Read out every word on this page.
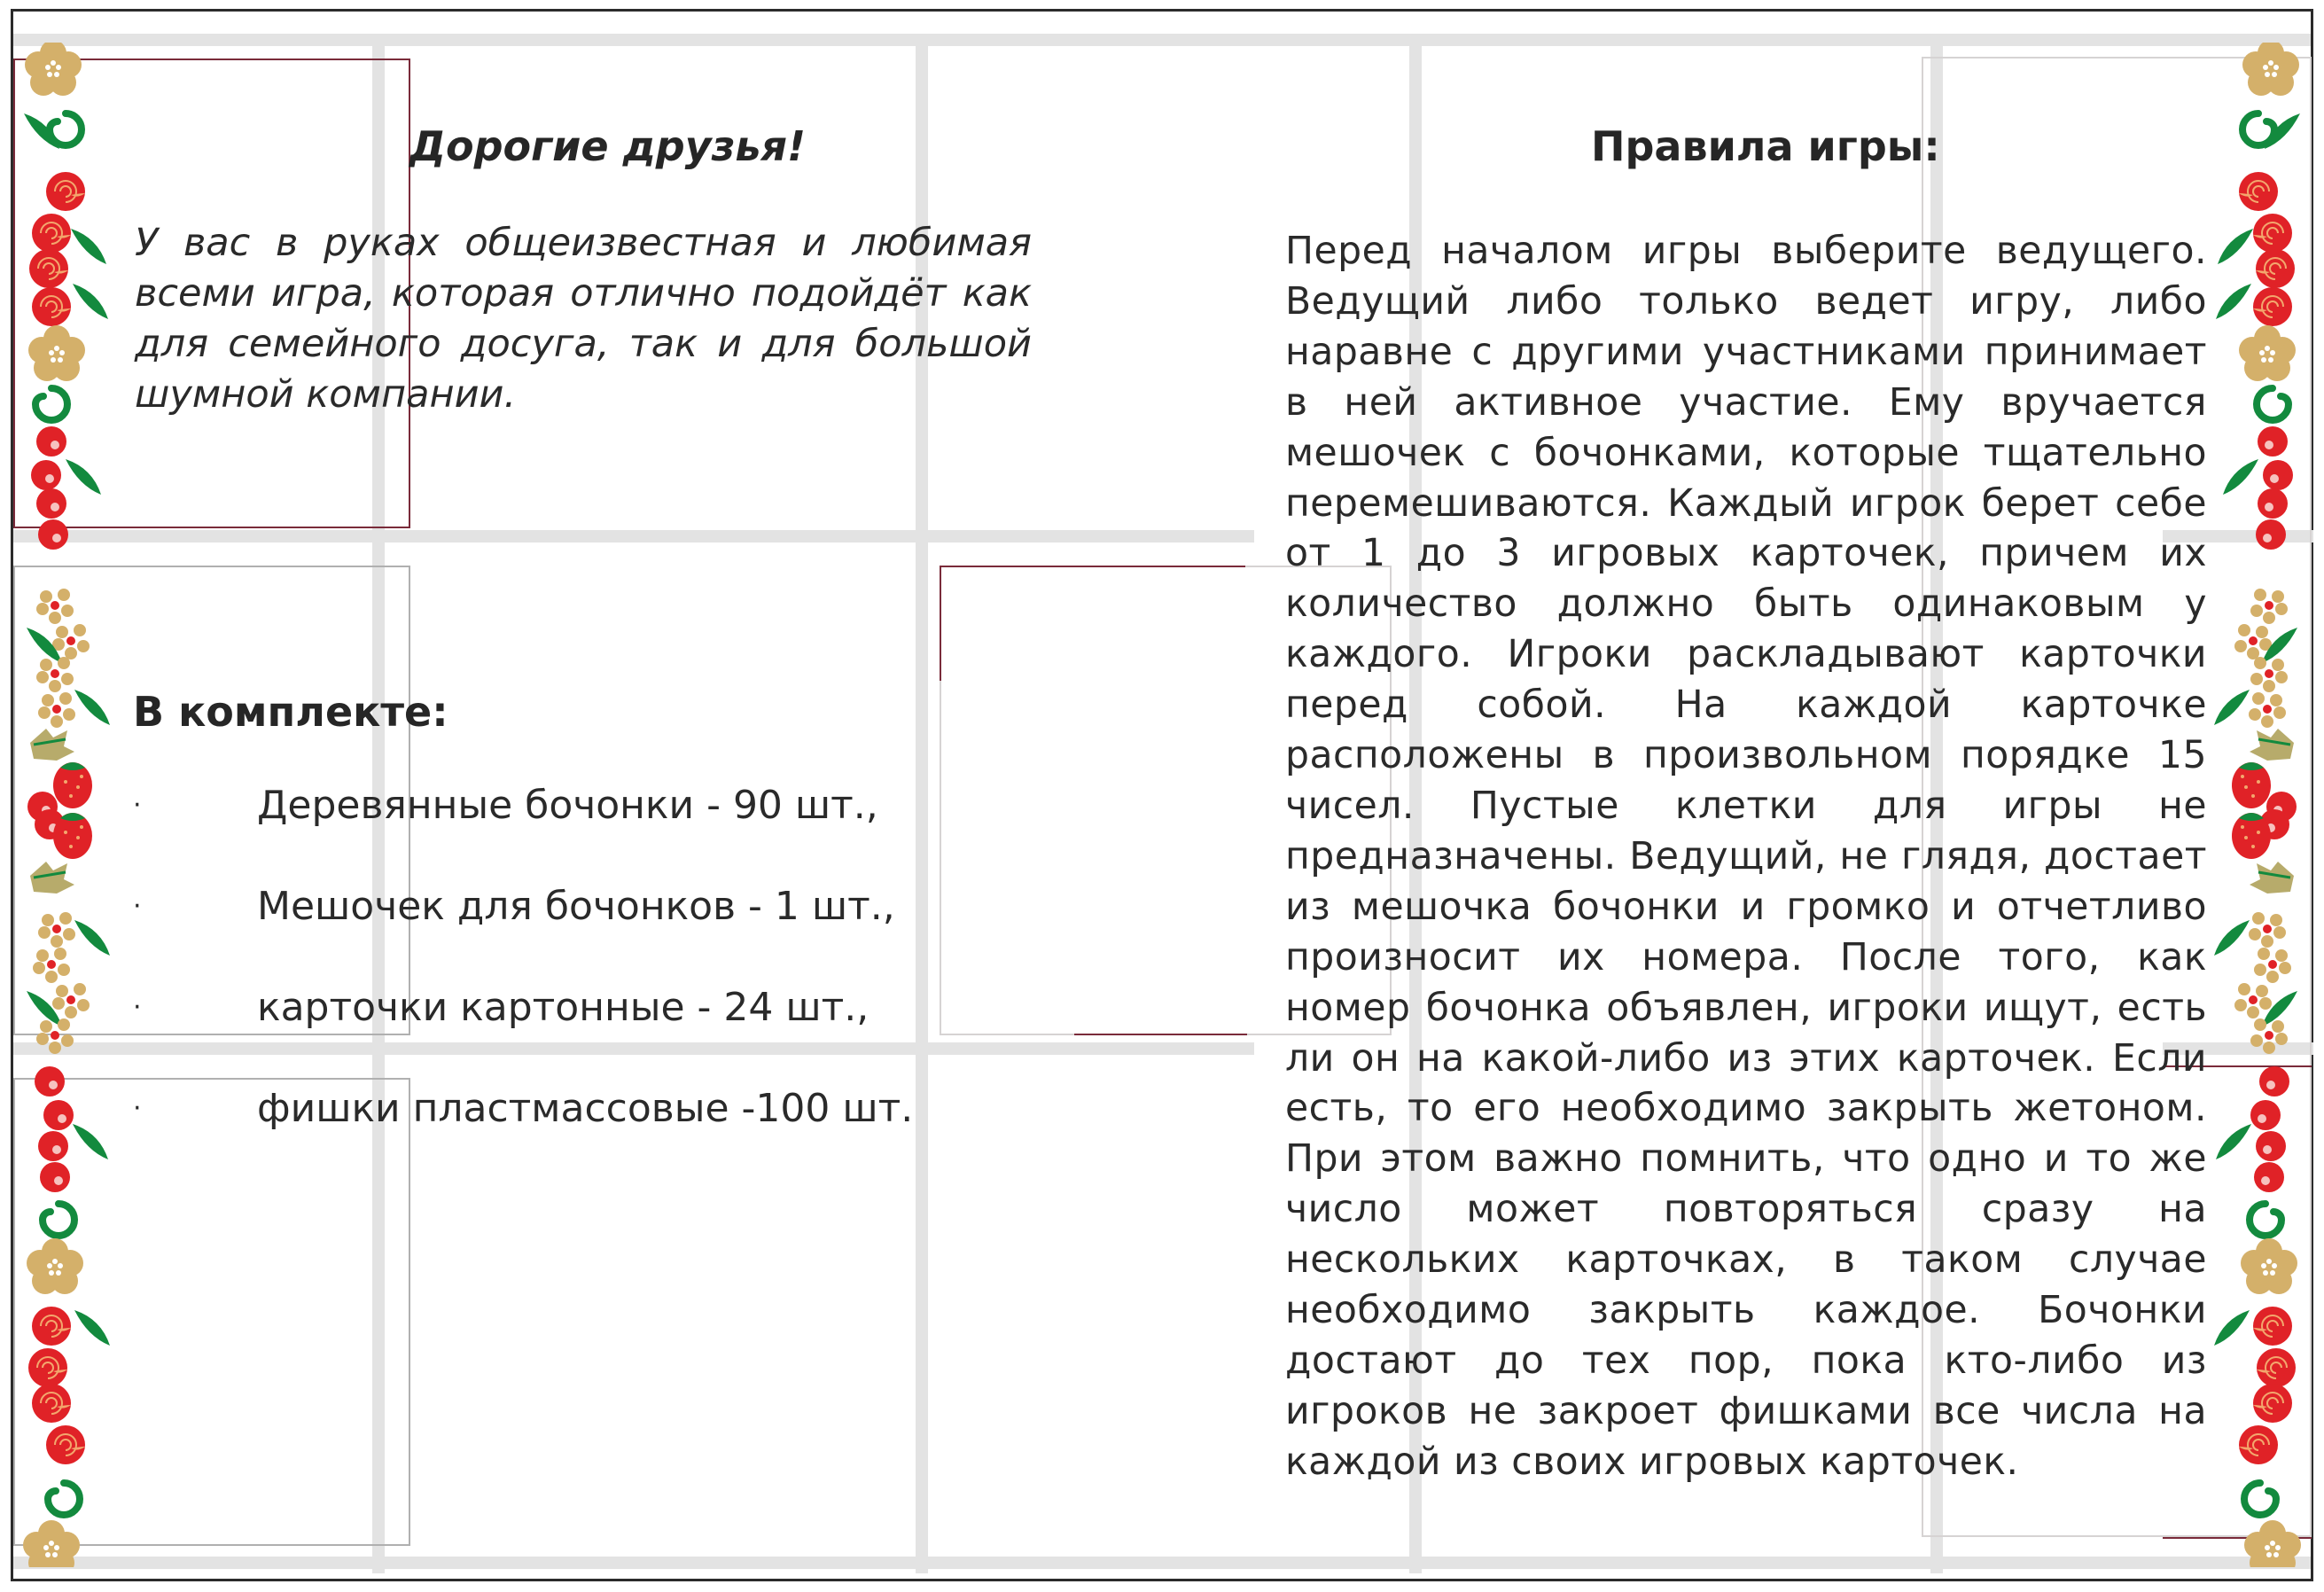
Дорогие друзья!

У вас в руках общеизвестная и любимая всеми игра, которая отлично подойдёт как для семейного досуга, так и для большой шумной компании.

В комплекте:
·	Деревянные бочонки - 90 шт.,
·	Мешочек для бочонков - 1 шт.,
·	карточки картонные - 24 шт.,
·	фишки пластмассовые -100 шт.
Правила игры:

Перед началом игры выберите ведущего. Ведущий либо только ведет игру, либо наравне с другими участниками принимает в ней активное участие. Ему вручается мешочек с бочонками, которые тщательно перемешиваются. Каждый игрок берет себе от 1 до 3 игровых карточек, причем их количество должно быть одинаковым у каждого. Игроки раскладывают карточки перед собой. На каждой карточке расположены в произвольном порядке 15 чисел. Пустые клетки для игры не предназначены. Ведущий, не глядя, достает из мешочка бочонки и громко и отчетливо произносит их номера. После того, как номер бочонка объявлен, игроки ищут, есть ли он на какой-либо из этих карточек. Если есть, то его необходимо закрыть жетоном. При этом важно помнить, что одно и то же число может повторяться сразу на нескольких карточках, в таком случае необходимо закрыть каждое. Бочонки достают до тех пор, пока кто-либо из игроков не закроет фишками все числа на каждой из своих игровых карточек.
